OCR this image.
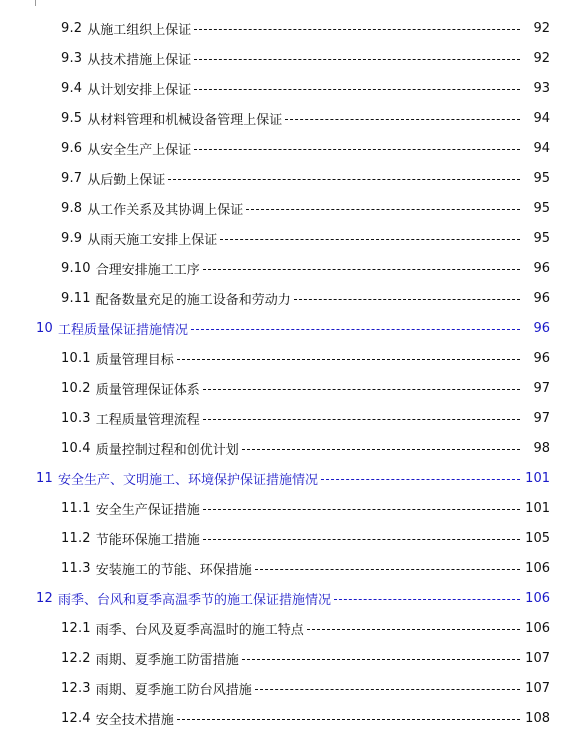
9.2 从施工组织上保证	92
9.3 从技术措施上保证	92
9.4 从计划安排上保证	93
9.5 从材料管理和机械设备管理上保证	94
9.6 从安全生产上保证	94
9.7 从后勤上保证	95
9.8 从工作关系及其协调上保证	95
9.9 从雨天施工安排上保证	95
9.10 合理安排施工工序	96
9.11 配备数量充足的施工设备和劳动力	96
10 工程质量保证措施情况	96
10.1 质量管理目标	96
10.2 质量管理保证体系	97
10.3 工程质量管理流程	97
10.4 质量控制过程和创优计划	98
11 安全生产、文明施工、环境保护保证措施情况	101
11.1 安全生产保证措施	101
11.2 节能环保施工措施	105
11.3 安装施工的节能、环保措施	106
12 雨季、台风和夏季高温季节的施工保证措施情况	106
12.1 雨季、台风及夏季高温时的施工特点	106
12.2 雨期、夏季施工防雷措施	107
12.3 雨期、夏季施工防台风措施	107
12.4 安全技术措施	108
